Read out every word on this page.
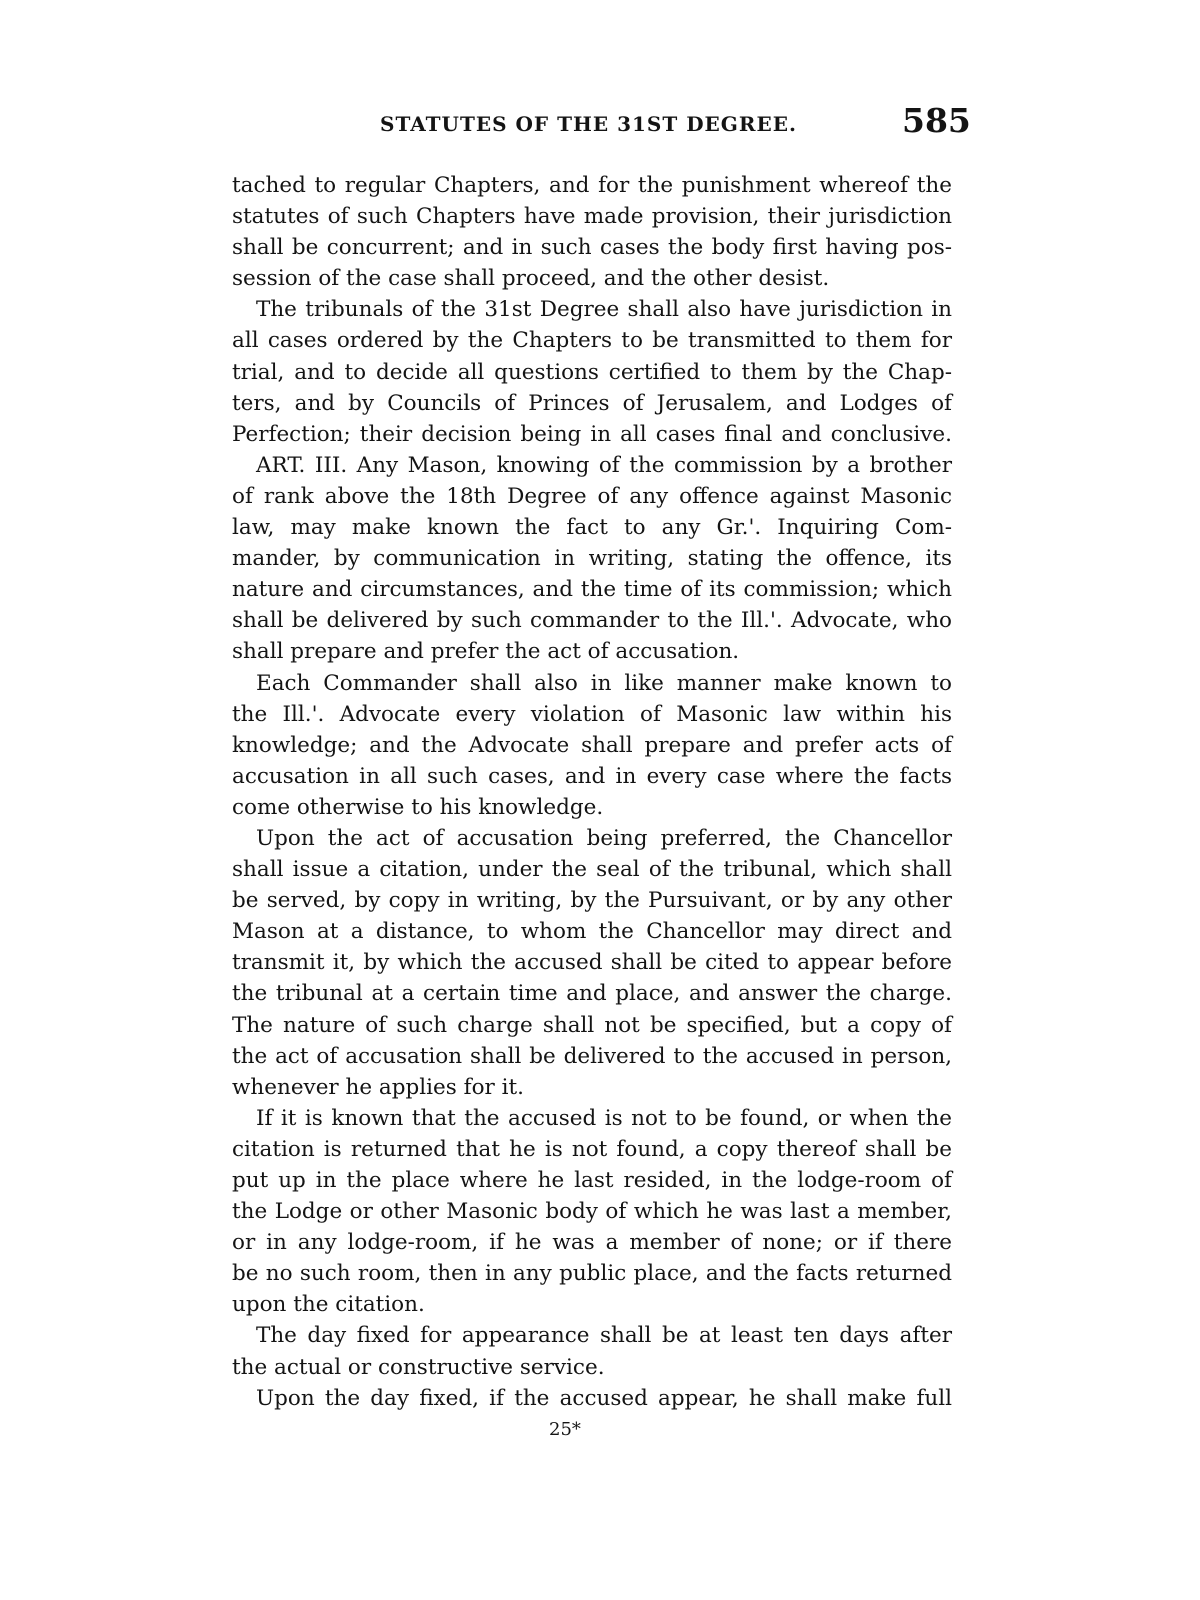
STATUTES OF THE 31ST DEGREE.	585
tached to regular Chapters, and for the punishment whereof the
statutes of such Chapters have made provision, their jurisdiction
shall be concurrent; and in such cases the body first having pos-
session of the case shall proceed, and the other desist.
The tribunals of the 31st Degree shall also have jurisdiction in
all cases ordered by the Chapters to be transmitted to them for
trial, and to decide all questions certified to them by the Chap-
ters, and by Councils of Princes of Jerusalem, and Lodges of
Perfection; their decision being in all cases final and conclusive.
ART. III. Any Mason, knowing of the commission by a brother
of rank above the 18th Degree of any offence against Masonic
law, may make known the fact to any Gr.'. Inquiring Com-
mander, by communication in writing, stating the offence, its
nature and circumstances, and the time of its commission; which
shall be delivered by such commander to the Ill.'. Advocate, who
shall prepare and prefer the act of accusation.
Each Commander shall also in like manner make known to
the Ill.'. Advocate every violation of Masonic law within his
knowledge; and the Advocate shall prepare and prefer acts of
accusation in all such cases, and in every case where the facts
come otherwise to his knowledge.
Upon the act of accusation being preferred, the Chancellor
shall issue a citation, under the seal of the tribunal, which shall
be served, by copy in writing, by the Pursuivant, or by any other
Mason at a distance, to whom the Chancellor may direct and
transmit it, by which the accused shall be cited to appear before
the tribunal at a certain time and place, and answer the charge.
The nature of such charge shall not be specified, but a copy of
the act of accusation shall be delivered to the accused in person,
whenever he applies for it.
If it is known that the accused is not to be found, or when the
citation is returned that he is not found, a copy thereof shall be
put up in the place where he last resided, in the lodge-room of
the Lodge or other Masonic body of which he was last a member,
or in any lodge-room, if he was a member of none; or if there
be no such room, then in any public place, and the facts returned
upon the citation.
The day fixed for appearance shall be at least ten days after
the actual or constructive service.
Upon the day fixed, if the accused appear, he shall make full
25*
